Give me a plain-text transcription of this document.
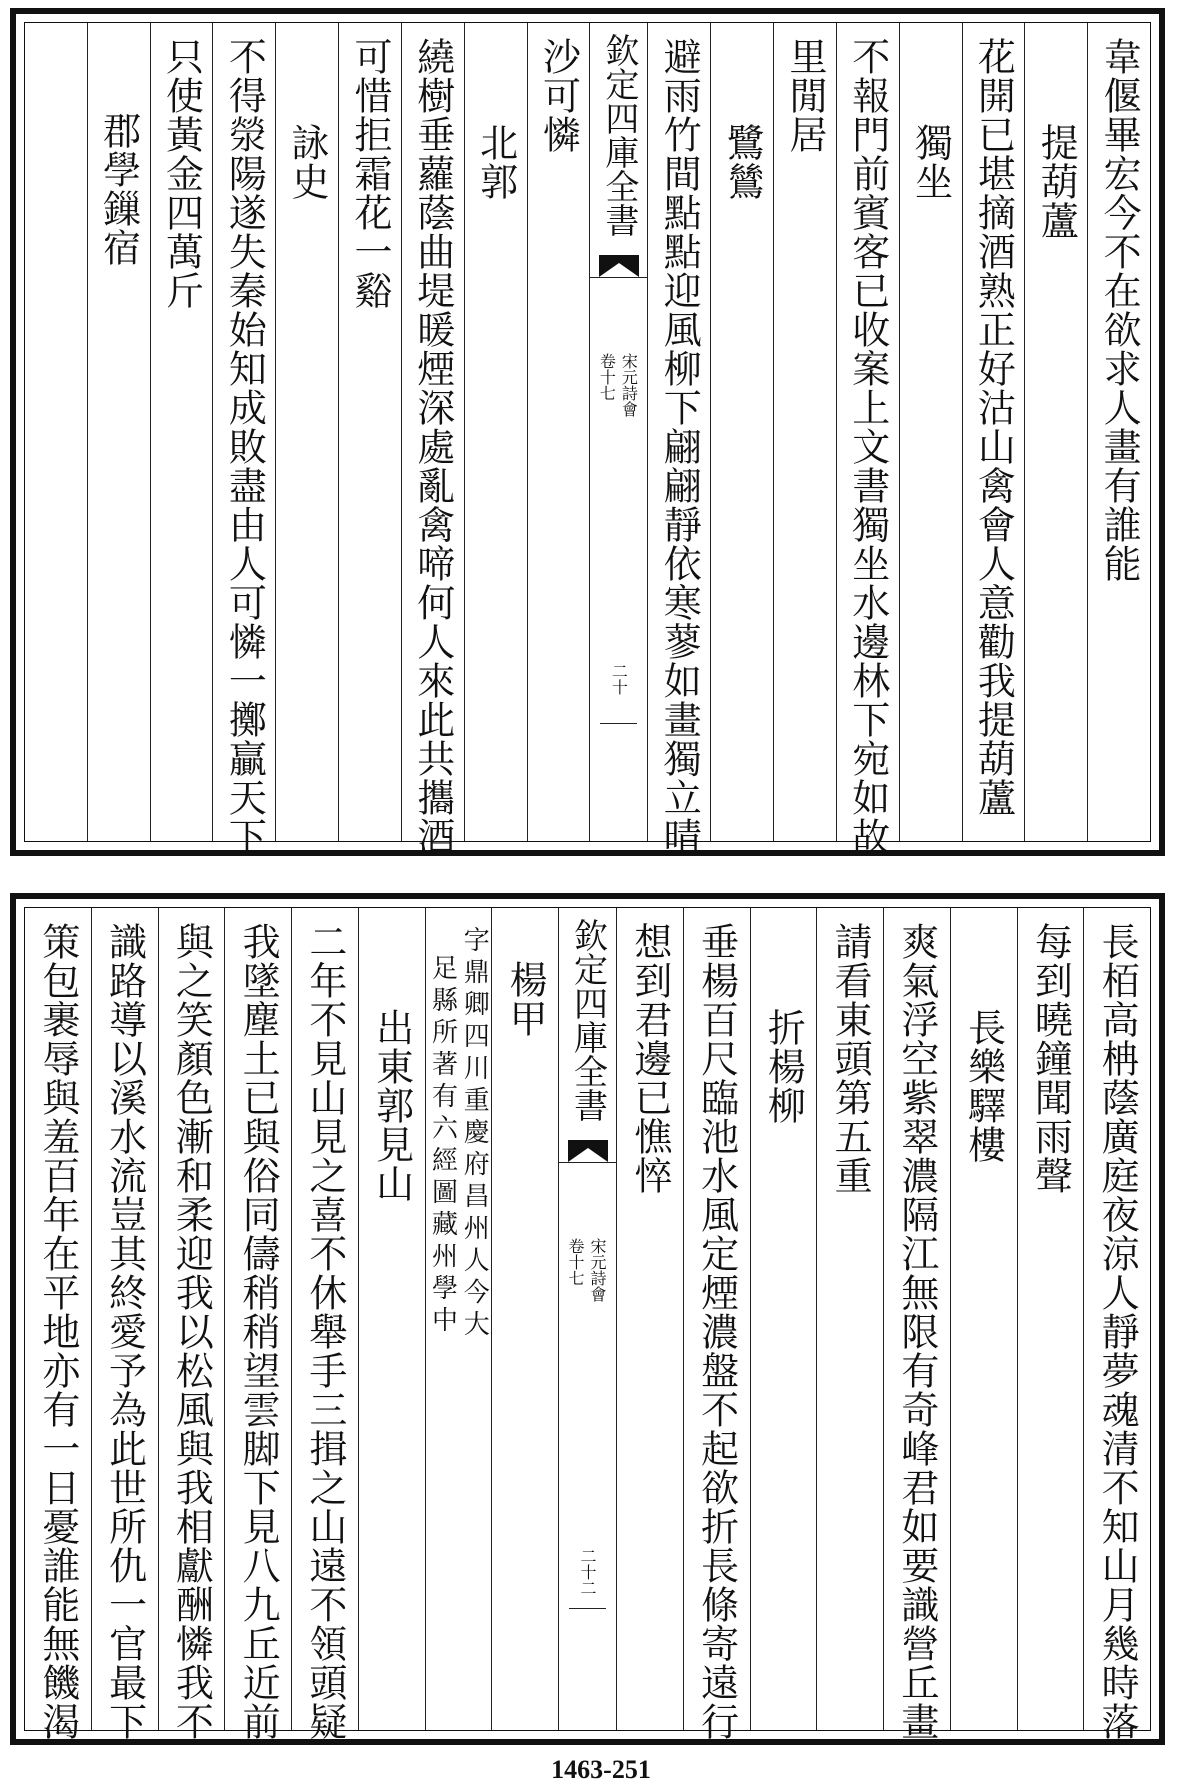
韋偃畢宏今不在欲求人畫有誰能
提葫蘆
花開已堪摘酒熟正好沽山禽會人意勸我提葫蘆
獨坐
不報門前賓客已收案上文書獨坐水邊林下宛如故
里閒居
鷺鷥
避雨竹間點點迎風柳下翩翩靜依寒蓼如畫獨立晴
欽定四庫全書
宋元詩會
卷十七
二十
沙可憐
北郭
繞樹垂蘿蔭曲堤暖煙深處亂禽啼何人來此共攜酒
可惜拒霜花一谿
詠史
不得滎陽遂失秦始知成敗盡由人可憐一擲贏天下
只使黃金四萬斤
郡學鏁宿
長栢高柟蔭廣庭夜涼人靜夢魂清不知山月幾時落
每到曉鐘聞雨聲
長樂驛樓
爽氣浮空紫翠濃隔江無限有奇峰君如要識營丘畫
請看東頭第五重
折楊柳
垂楊百尺臨池水風定煙濃盤不起欲折長條寄遠行
想到君邊已憔悴
欽定四庫全書
宋元詩會
卷十七
二十二
楊甲
字鼎卿四川重慶府昌州人今大
足縣所著有六經圖藏州學中
出東郭見山
二年不見山見之喜不休舉手三揖之山遠不領頭疑
我墜塵土已與俗同儔稍稍望雲脚下見八九丘近前
與之笑顏色漸和柔迎我以松風與我相獻酬憐我不
識路導以溪水流豈其終愛予為此世所仇一官最下
策包裹辱與羞百年在平地亦有一日憂誰能無饑渴
1463-251
